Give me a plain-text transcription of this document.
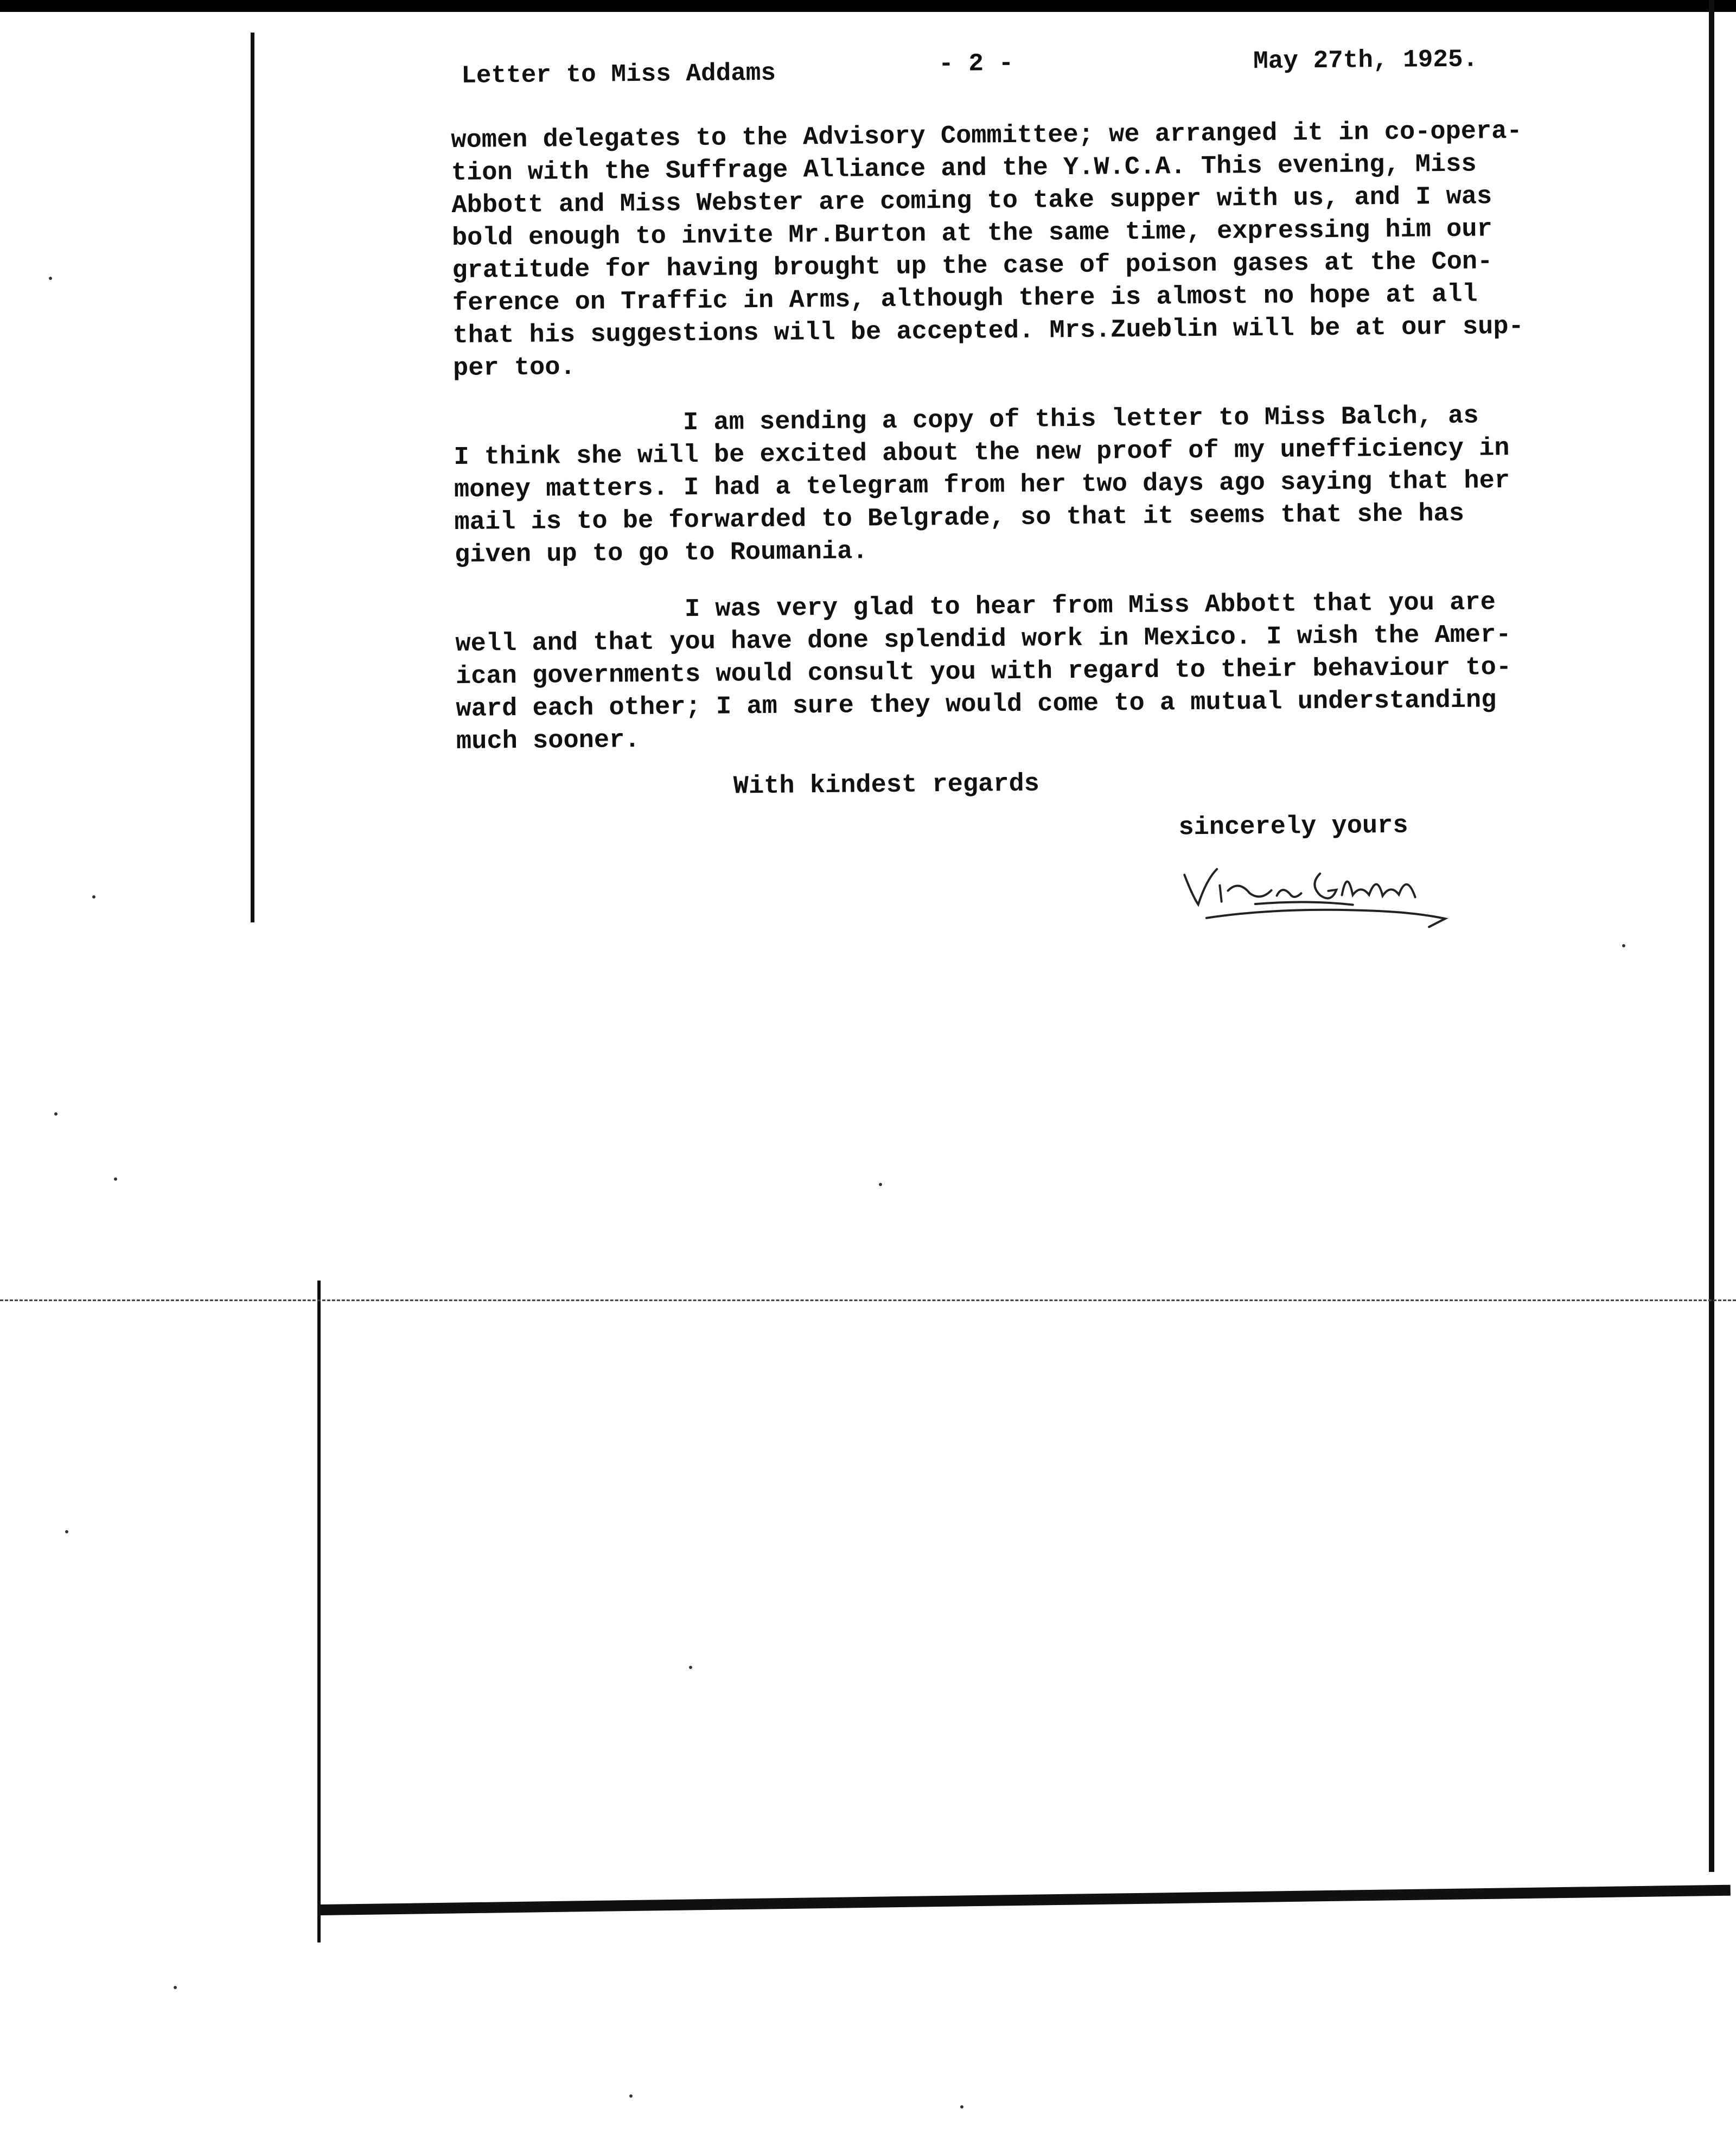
Letter to Miss Addams	- 2 -	May 27th, 1925.
women delegates to the Advisory Committee; we arranged it in co-opera-
tion with the Suffrage Alliance and the Y.W.C.A. This evening, Miss
Abbott and Miss Webster are coming to take supper with us, and I was
bold enough to invite Mr.Burton at the same time, expressing him our
gratitude for having brought up the case of poison gases at the Con-
ference on Traffic in Arms, although there is almost no hope at all
that his suggestions will be accepted. Mrs.Zueblin will be at our sup-
per too.
I am sending a copy of this letter to Miss Balch, as
I think she will be excited about the new proof of my unefficiency in
money matters. I had a telegram from her two days ago saying that her
mail is to be forwarded to Belgrade, so that it seems that she has
given up to go to Roumania.
I was very glad to hear from Miss Abbott that you are
well and that you have done splendid work in Mexico. I wish the Amer-
ican governments would consult you with regard to their behaviour to-
ward each other; I am sure they would come to a mutual understanding
much sooner.
With kindest regards
sincerely yours
